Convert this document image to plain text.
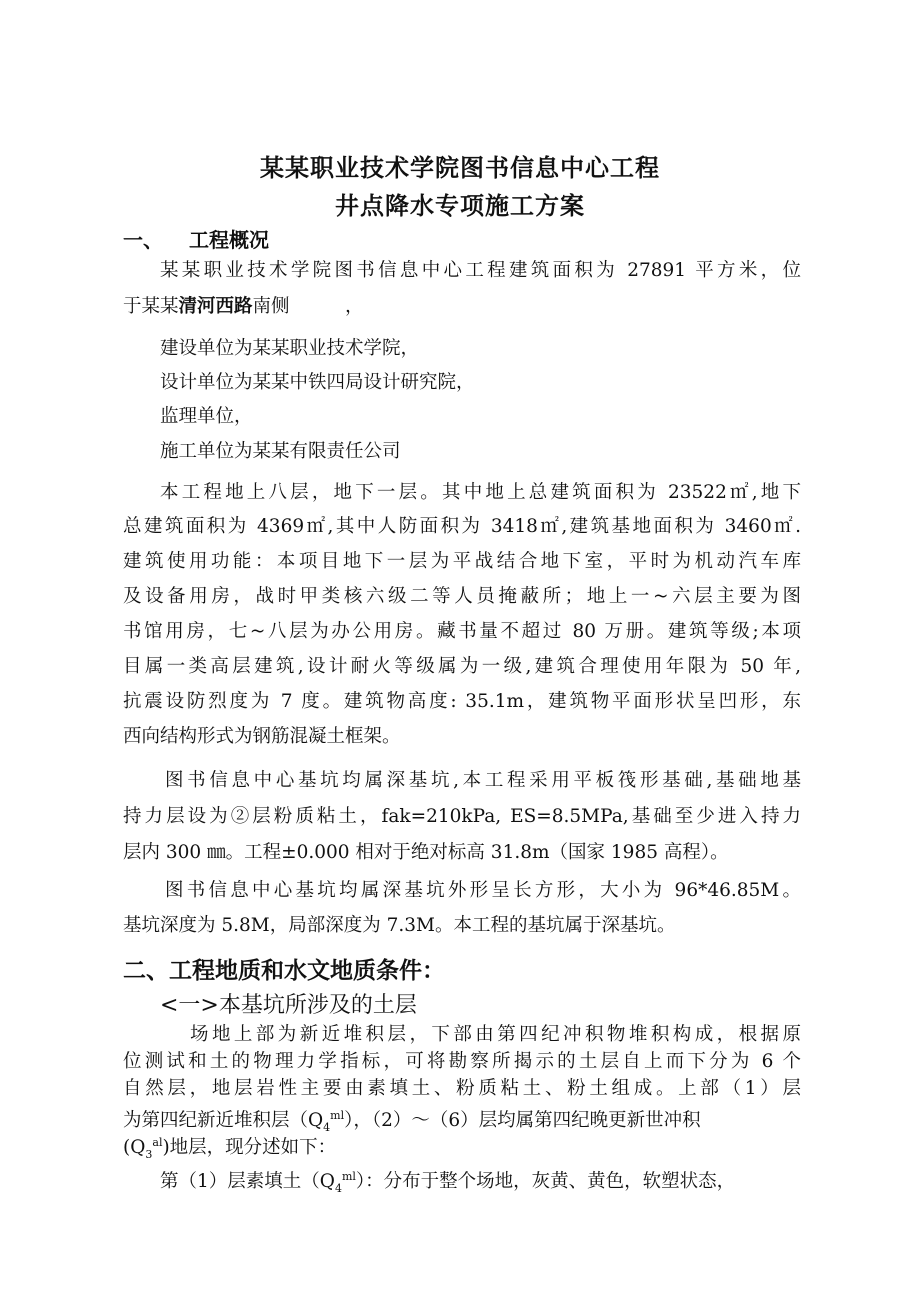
某某职业技术学院图书信息中心工程
井点降水专项施工方案
一、 工程概况
某某职业技术学院图书信息中心工程建筑面积为 27891 平方米，位
于某某清河西路南侧　　　，
建设单位为某某职业技术学院，
设计单位为某某中铁四局设计研究院，
监理单位，
施工单位为某某有限责任公司
本工程地上八层，地下一层。其中地上总建筑面积为 23522㎡,地下
总建筑面积为 4369㎡,其中人防面积为 3418㎡,建筑基地面积为 3460㎡.
建筑使用功能：本项目地下一层为平战结合地下室，平时为机动汽车库
及设备用房，战时甲类核六级二等人员掩蔽所；地上一~六层主要为图
书馆用房，七~八层为办公用房。藏书量不超过 80 万册。建筑等级;本项
目属一类高层建筑,设计耐火等级属为一级,建筑合理使用年限为 50 年,
抗震设防烈度为 7 度。建筑物高度: 35.1m，建筑物平面形状呈凹形，东
西向结构形式为钢筋混凝土框架。
图书信息中心基坑均属深基坑,本工程采用平板筏形基础,基础地基
持力层设为②层粉质粘土，fak=210kPa, ES=8.5MPa,基础至少进入持力
层内 300 ㎜。工程±0.000 相对于绝对标高 31.8m（国家 1985 高程）。
图书信息中心基坑均属深基坑外形呈长方形，大小为 96*46.85M。
基坑深度为 5.8M，局部深度为 7.3M。本工程的基坑属于深基坑。
二、工程地质和水文地质条件：
<一>本基坑所涉及的土层
场地上部为新近堆积层，下部由第四纪冲积物堆积构成，根据原
位测试和土的物理力学指标，可将勘察所揭示的土层自上而下分为 6 个
自然层，地层岩性主要由素填土、粉质粘土、粉土组成。上部（1）层
为第四纪新近堆积层$(Q_4^{ml})$，（2）～（6）层均属第四纪晚更新世冲积
$(Q_3^{al})$地层，现分述如下：
第（1）层素填土$(Q_4^{ml})$：分布于整个场地，灰黄、黄色，软塑状态，
